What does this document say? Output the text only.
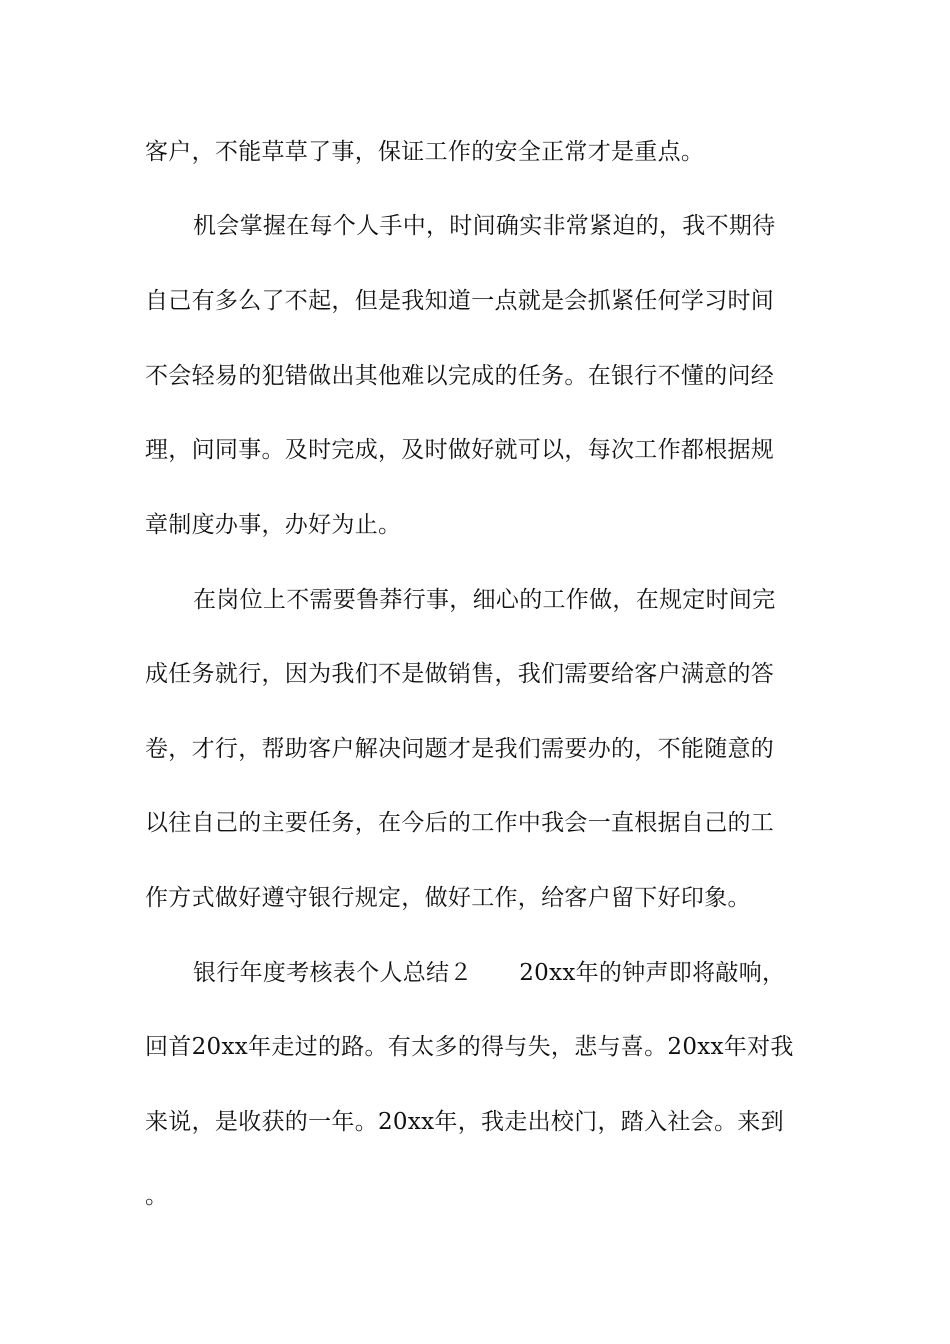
客户，不能草草了事，保证工作的安全正常才是重点。
机会掌握在每个人手中，时间确实非常紧迫的，我不期待
自己有多么了不起，但是我知道一点就是会抓紧任何学习时间
不会轻易的犯错做出其他难以完成的任务。在银行不懂的问经
理，问同事。及时完成，及时做好就可以，每次工作都根据规
章制度办事，办好为止。
在岗位上不需要鲁莽行事，细心的工作做，在规定时间完
成任务就行，因为我们不是做销售，我们需要给客户满意的答
卷，才行，帮助客户解决问题才是我们需要办的，不能随意的
以往自己的主要任务，在今后的工作中我会一直根据自己的工
作方式做好遵守银行规定，做好工作，给客户留下好印象。
银行年度考核表个人总结２　　20xx年的钟声即将敲响，
回首20xx年走过的路。有太多的得与失，悲与喜。20xx年对我
来说，是收获的一年。20xx年，我走出校门，踏入社会。来到
。
